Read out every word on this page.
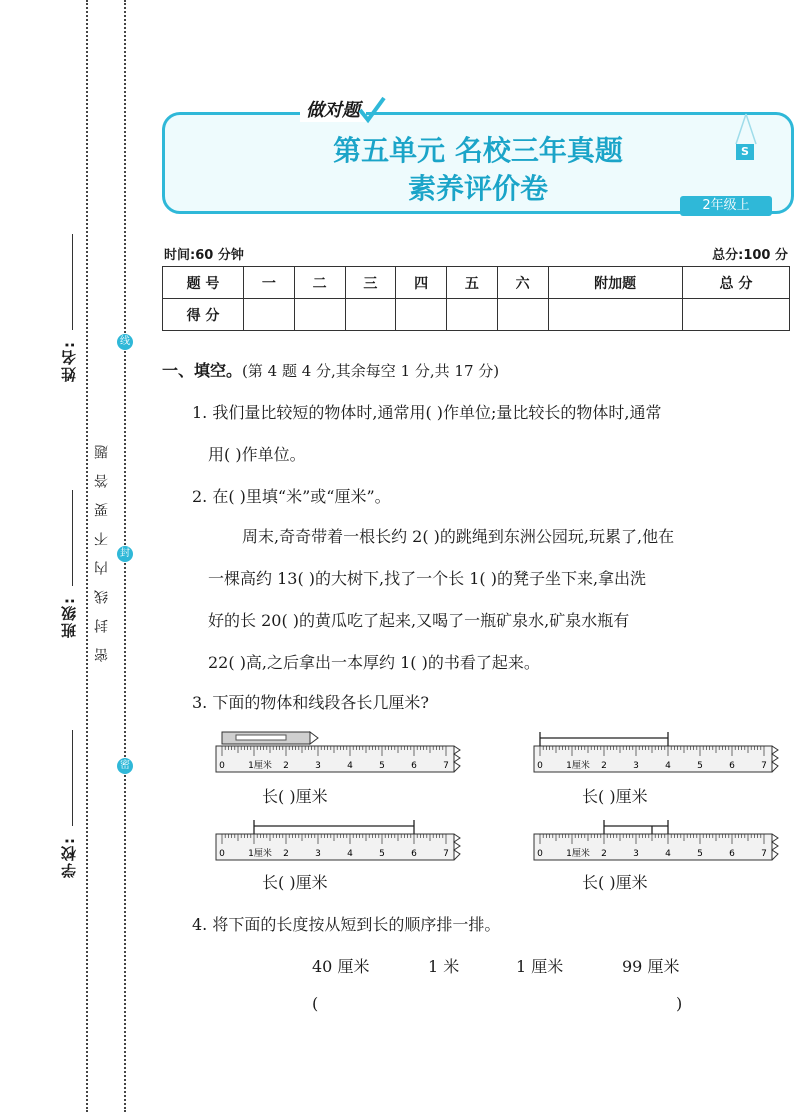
姓名:
班级:
学校:
线
封
密
密封线内不要答题
第五单元 名校三年真题
素养评价卷
做对题
S
2年级上
时间:60 分钟	总分:100 分
题 号	一	二	三	四	五	六	附加题	总 分
得 分								
一、填空。(第 4 题 4 分,其余每空 1 分,共 17 分)
1. 我们量比较短的物体时,通常用( )作单位;量比较长的物体时,通常
用( )作单位。
2. 在( )里填“米”或“厘米”。
周末,奇奇带着一根长约 2( )的跳绳到东洲公园玩,玩累了,他在
一棵高约 13( )的大树下,找了一个长 1( )的凳子坐下来,拿出洗
好的长 20( )的黄瓜吃了起来,又喝了一瓶矿泉水,矿泉水瓶有
22( )高,之后拿出一本厚约 1( )的书看了起来。
3. 下面的物体和线段各长几厘米?
0	1厘米 2	3	4	5	6	7	0	1厘米 2	3	4	5	6	7
0	1厘米 2	3	4	5	6	7	0	1厘米 2	3	4	5	6	7
长( )厘米	长( )厘米
长( )厘米	长( )厘米
4. 将下面的长度按从短到长的顺序排一排。
40 厘米	1 米	1 厘米	99 厘米
(	)
